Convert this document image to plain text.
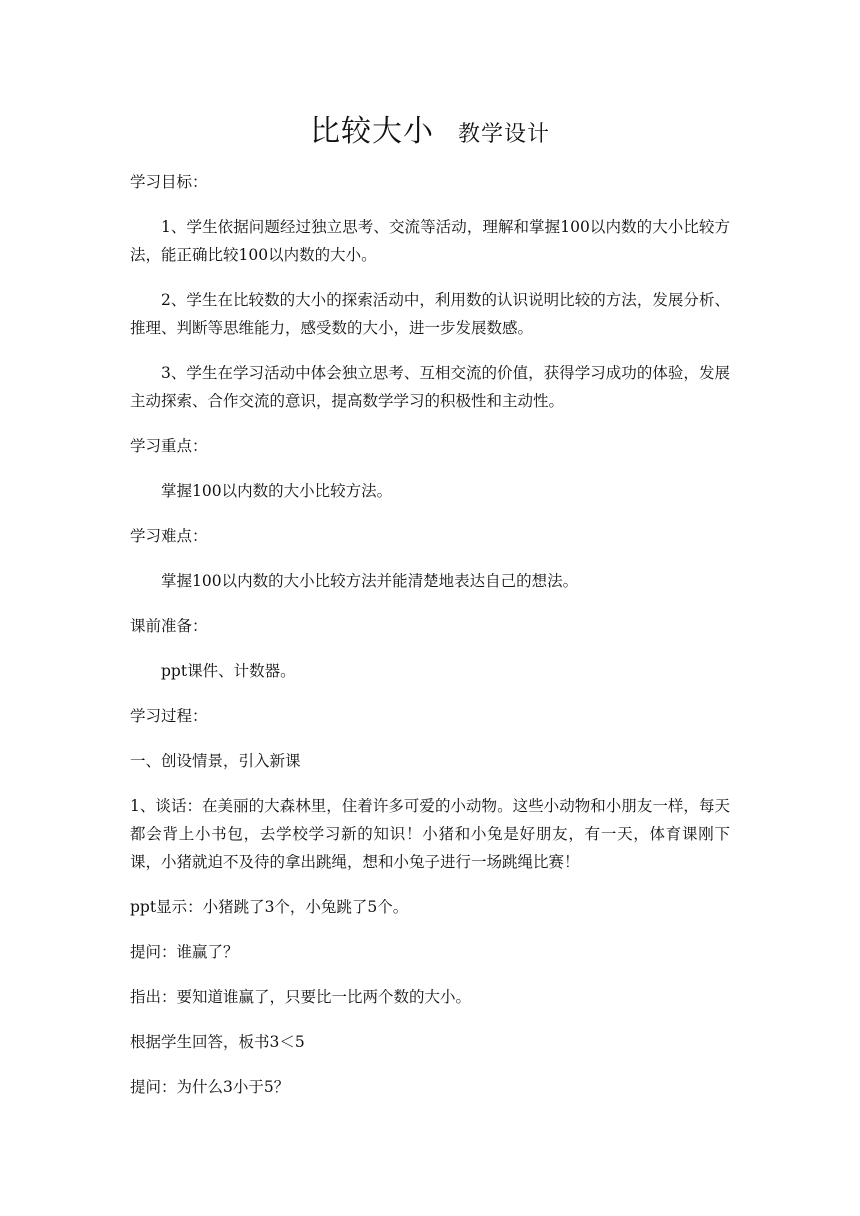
比较大小 教学设计

学习目标：

1、学生依据问题经过独立思考、交流等活动，理解和掌握100以内数的大小比较方法，能正确比较100以内数的大小。

2、学生在比较数的大小的探索活动中，利用数的认识说明比较的方法，发展分析、推理、判断等思维能力，感受数的大小，进一步发展数感。

3、学生在学习活动中体会独立思考、互相交流的价值，获得学习成功的体验，发展主动探索、合作交流的意识，提高数学学习的积极性和主动性。

学习重点：

掌握100以内数的大小比较方法。

学习难点：

掌握100以内数的大小比较方法并能清楚地表达自己的想法。

课前准备：

ppt课件、计数器。

学习过程：

一、创设情景，引入新课

1、谈话：在美丽的大森林里，住着许多可爱的小动物。这些小动物和小朋友一样，每天都会背上小书包，去学校学习新的知识！小猪和小兔是好朋友，有一天，体育课刚下课，小猪就迫不及待的拿出跳绳，想和小兔子进行一场跳绳比赛！

ppt显示：小猪跳了3个，小兔跳了5个。

提问：谁赢了？

指出：要知道谁赢了，只要比一比两个数的大小。

根据学生回答，板书3＜5

提问：为什么3小于5？
